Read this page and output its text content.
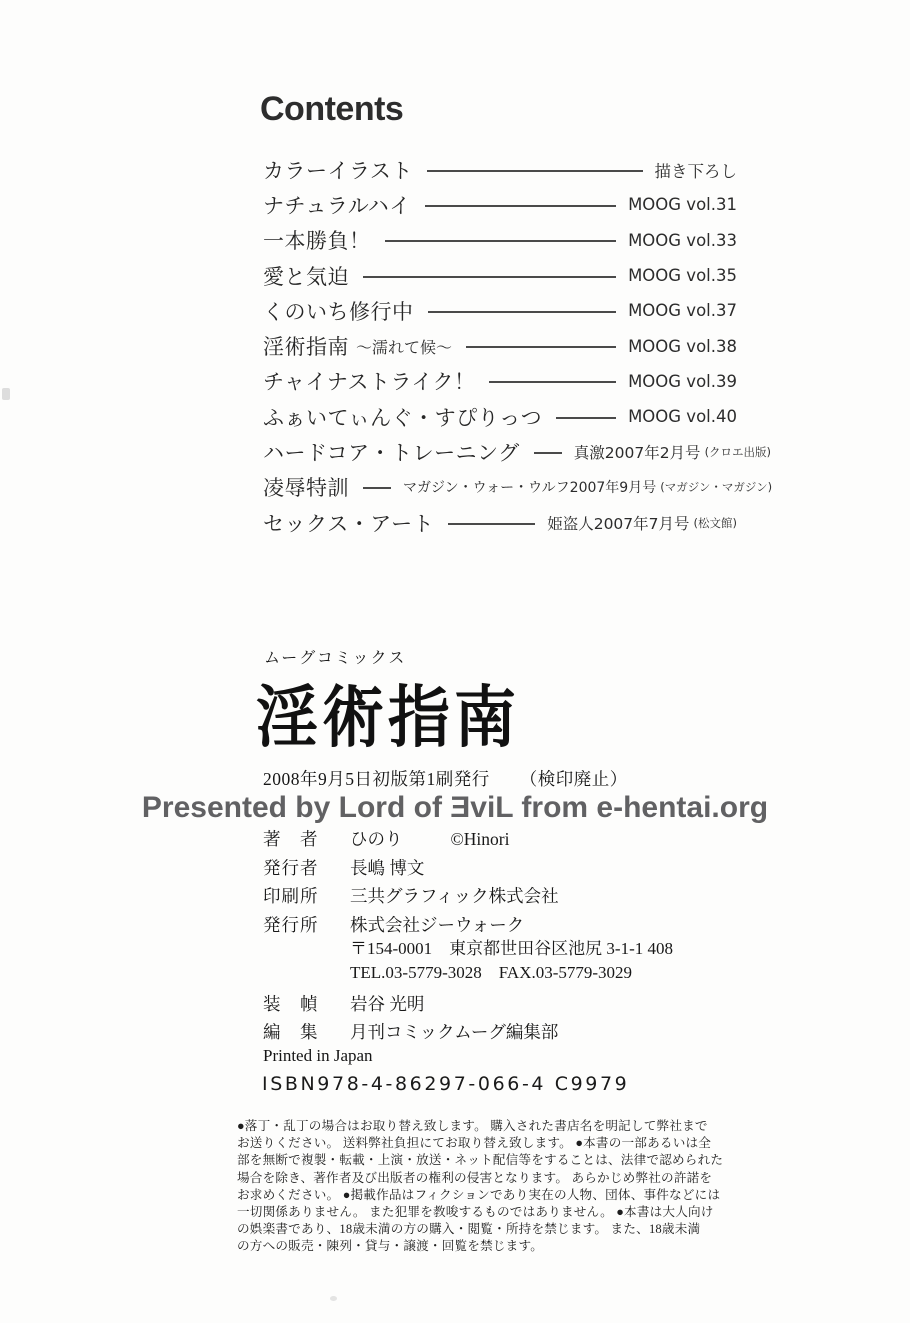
Contents
カラーイラスト	描き下ろし
ナチュラルハイ	MOOG vol.31
一本勝負！	MOOG vol.33
愛と気迫	MOOG vol.35
くのいち修行中	MOOG vol.37
淫術指南 ～濡れて候～	MOOG vol.38
チャイナストライク！	MOOG vol.39
ふぁいてぃんぐ・すぴりっつ	MOOG vol.40
ハードコア・トレーニング	真激2007年2月号 (クロエ出版)
凌辱特訓	マガジン・ウォー・ウルフ2007年9月号 (マガジン・マガジン)
セックス・アート	姫盗人2007年7月号 (松文館)
ムーグコミックス
淫術指南
2008年9月5日初版第1刷発行 （検印廃止）
Presented by Lord of ƎviL from e-hentai.org
著　者	ひのり	©Hinori
発行者	長嶋 博文
印刷所	三共グラフィック株式会社
発行所	株式会社ジーウォーク
〒154-0001　東京都世田谷区池尻 3-1-1 408
TEL.03-5779-3028　FAX.03-5779-3029
装　幀	岩谷 光明
編　集	月刊コミックムーグ編集部
Printed in Japan
ISBN978-4-86297-066-4 C9979
●落丁・乱丁の場合はお取り替え致します。 購入された書店名を明記して弊社まで
お送りください。 送料弊社負担にてお取り替え致します。 ●本書の一部あるいは全
部を無断で複製・転載・上演・放送・ネット配信等をすることは、法律で認められた
場合を除き、著作者及び出版者の権利の侵害となります。 あらかじめ弊社の許諾を
お求めください。 ●掲載作品はフィクションであり実在の人物、団体、事件などには
一切関係ありません。 また犯罪を教唆するものではありません。 ●本書は大人向け
の娯楽書であり、18歳未満の方の購入・閲覧・所持を禁じます。 また、18歳未満
の方への販売・陳列・貸与・譲渡・回覧を禁じます。
